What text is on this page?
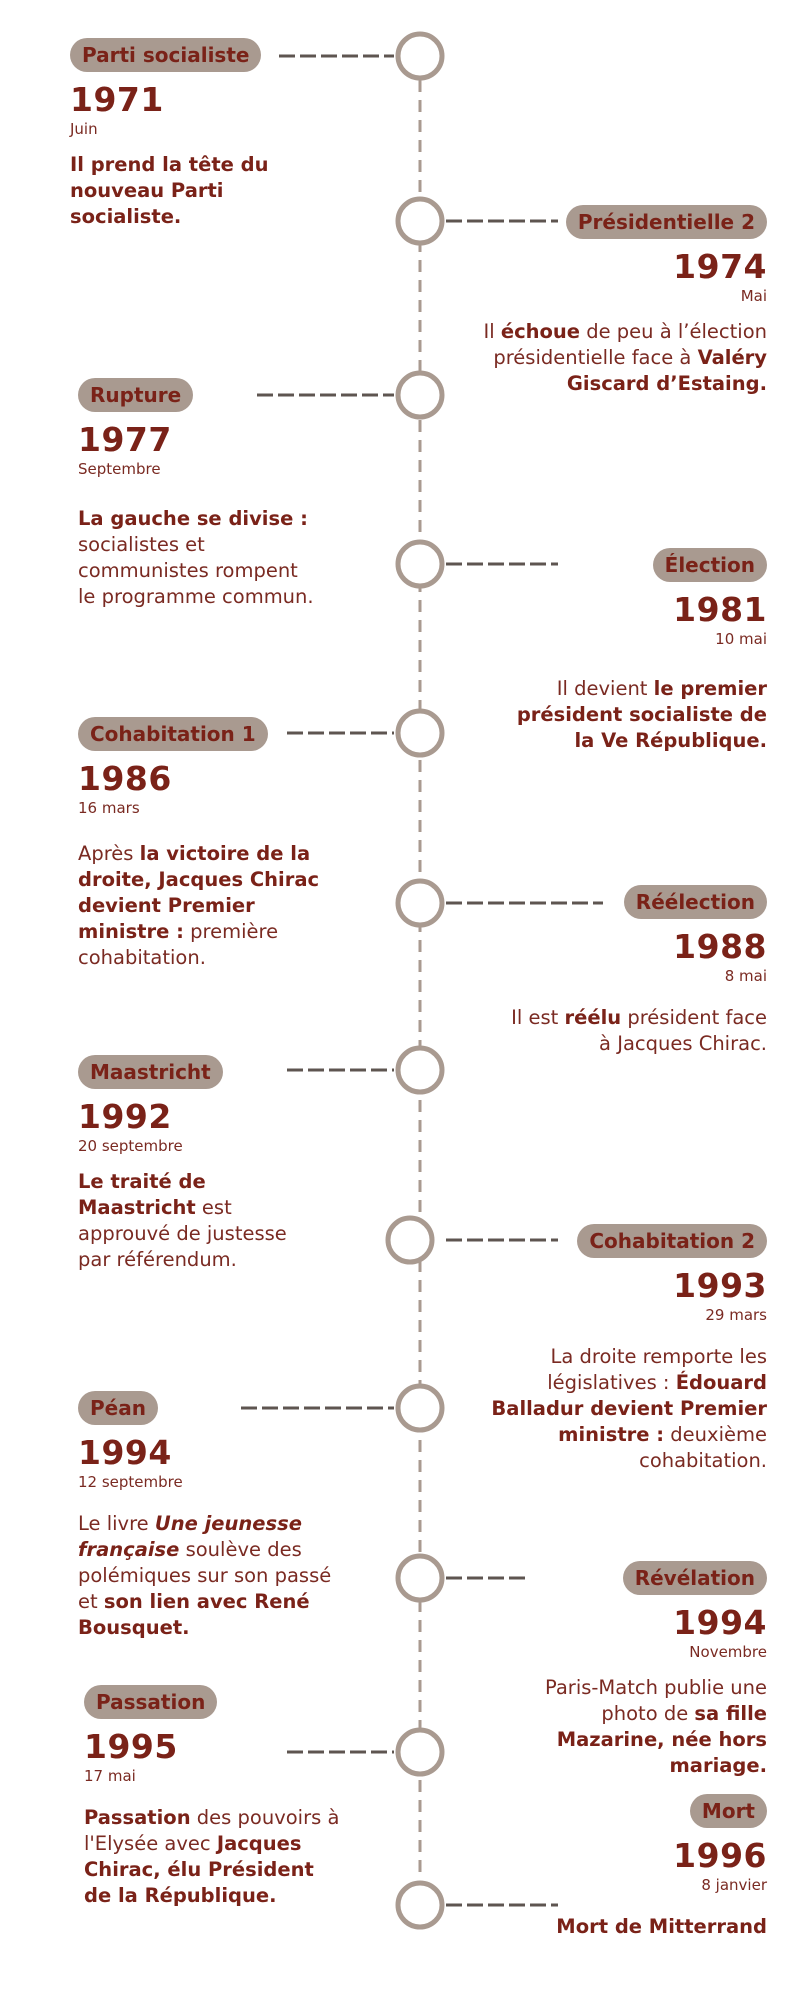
Parti socialiste
1971
Juin
Il prend la tête du nouveau Parti socialiste.	Présidentielle 2
1974
Mai
Il échoue de peu à l’élection présidentielle face à Valéry Giscard d’Estaing.
Rupture
1977
Septembre
La gauche se divise : socialistes et communistes rompent le programme commun.
Élection
1981
10 mai
Il devient le premier président socialiste de la Ve République.
Cohabitation 1
1986
16 mars
Après la victoire de la droite, Jacques Chirac devient Premier ministre : première cohabitation.
Réélection
1988
8 mai
Il est réélu président face à Jacques Chirac.
Maastricht
1992
20 septembre
Le traité de Maastricht est approuvé de justesse par référendum.
Cohabitation 2
1993
29 mars
La droite remporte les législatives : Édouard Balladur devient Premier ministre : deuxième cohabitation.
Péan
1994
12 septembre
Le livre Une jeunesse française soulève des polémiques sur son passé et son lien avec René Bousquet.
Révélation
1994
Novembre
Paris-Match publie une photo de sa fille Mazarine, née hors mariage.
Passation
1995
17 mai
Passation des pouvoirs à l'Elysée avec Jacques Chirac, élu Président de la République.
Mort
1996
8 janvier
Mort de Mitterrand
